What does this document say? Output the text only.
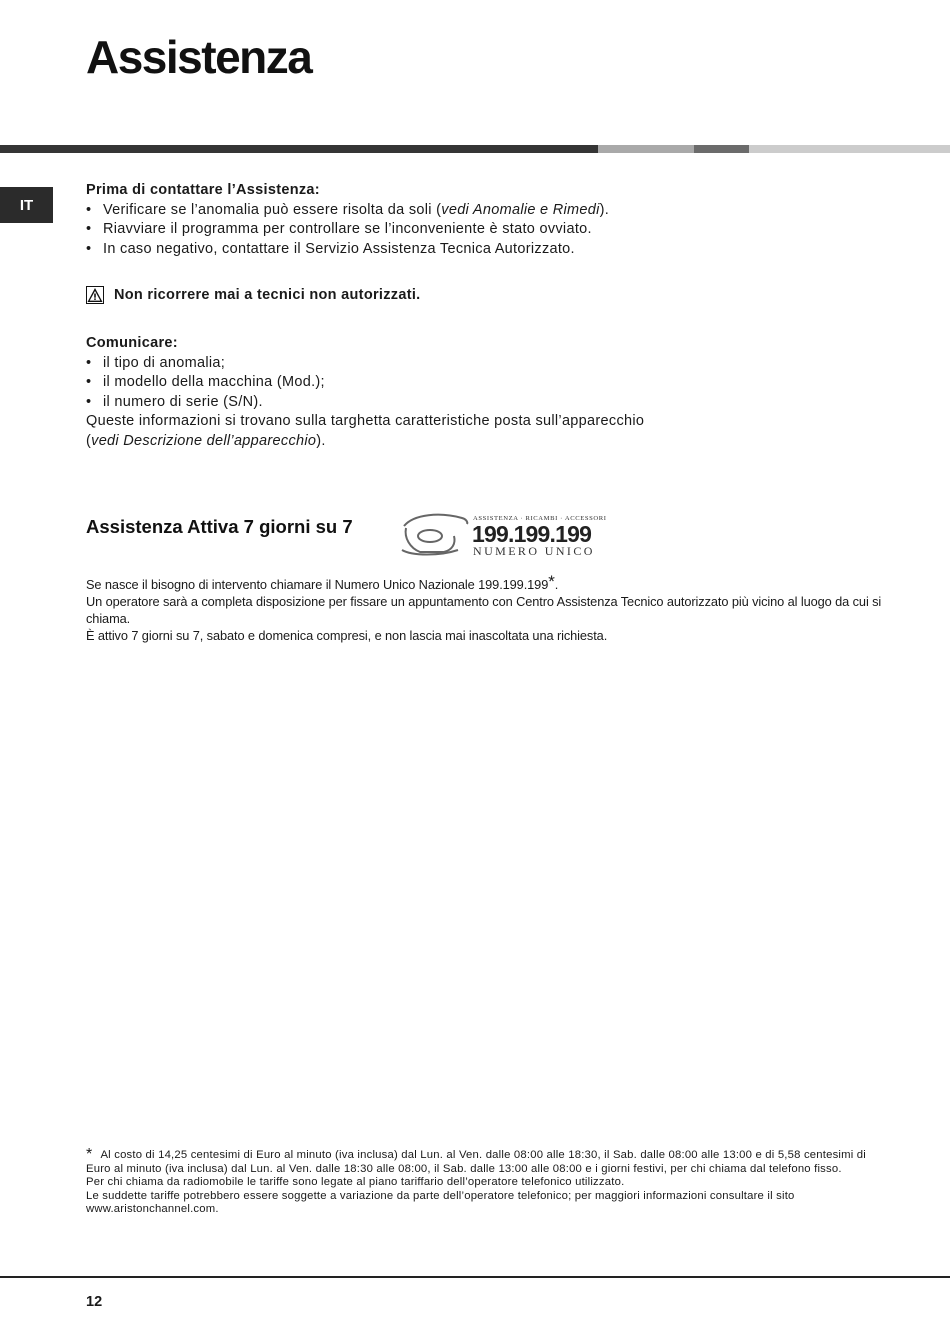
Assistenza
IT
Prima di contattare l’Assistenza:
• Verificare se l’anomalia può essere risolta da soli (vedi Anomalie e Rimedi).
• Riavviare il programma per controllare se l’inconveniente è stato ovviato.
• In caso negativo, contattare il Servizio Assistenza Tecnica Autorizzato.
Non ricorrere mai a tecnici non autorizzati.
Comunicare:
• il tipo di anomalia;
• il modello della macchina (Mod.);
• il numero di serie (S/N).
Queste informazioni si trovano sulla targhetta caratteristiche posta sull’apparecchio
(vedi Descrizione dell’apparecchio).
Assistenza Attiva 7 giorni su 7	ASSISTENZA · RICAMBI · ACCESSORI
199.199.199
NUMERO UNICO

Se nasce il bisogno di intervento chiamare il Numero Unico Nazionale 199.199.199*.

Un operatore sarà a completa disposizione per fissare un appuntamento con Centro Assistenza Tecnico autorizzato più vicino al luogo da cui si chiama.

È attivo 7 giorni su 7, sabato e domenica compresi, e non lascia mai inascoltata una richiesta.

* Al costo di 14,25 centesimi di Euro al minuto (iva inclusa) dal Lun. al Ven. dalle 08:00 alle 18:30, il Sab. dalle 08:00 alle 13:00 e di 5,58 centesimi di Euro al minuto (iva inclusa) dal Lun. al Ven. dalle 18:30 alle 08:00, il Sab. dalle 13:00 alle 08:00 e i giorni festivi, per chi chiama dal telefono fisso.

Per chi chiama da radiomobile le tariffe sono legate al piano tariffario dell’operatore telefonico utilizzato.

Le suddette tariffe potrebbero essere soggette a variazione da parte dell’operatore telefonico; per maggiori informazioni consultare il sito www.aristonchannel.com.

12
